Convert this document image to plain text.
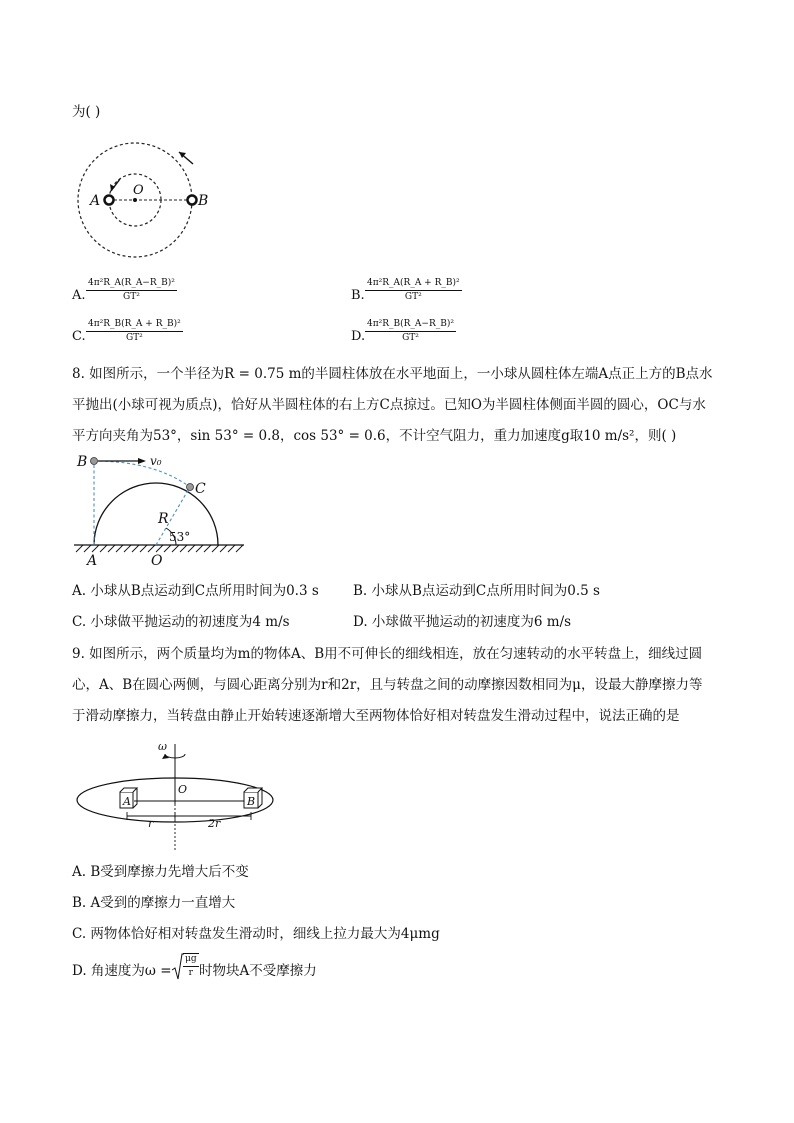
为( )
A
O
B
A. $\frac{\text{4π²R\_A(R\_A−R\_B)²}}{\text{GT²}}$	B. $\frac{\text{4π²R\_A(R\_A + R\_B)²}}{\text{GT²}}$
C. $\frac{\text{4π²R\_B(R\_A + R\_B)²}}{\text{GT²}}$	D. $\frac{\text{4π²R\_B(R\_A−R\_B)²}}{\text{GT²}}$
8. 如图所示，一个半径为R = 0.75 m的半圆柱体放在水平地面上，一小球从圆柱体左端A点正上方的B点水
平抛出(小球可视为质点)，恰好从半圆柱体的右上方C点掠过。已知O为半圆柱体侧面半圆的圆心，OC与水
平方向夹角为53°，sin 53° = 0.8，cos 53° = 0.6，不计空气阻力，重力加速度g取10 m/s²，则( )
B	v₀
C
R
53°
A	O
A. 小球从B点运动到C点所用时间为0.3 s	B. 小球从B点运动到C点所用时间为0.5 s
C. 小球做平抛运动的初速度为4 m/s	D. 小球做平抛运动的初速度为6 m/s
9. 如图所示，两个质量均为m的物体A、B用不可伸长的细线相连，放在匀速转动的水平转盘上，细线过圆
心，A、B在圆心两侧，与圆心距离分别为r和2r，且与转盘之间的动摩擦因数相同为μ，设最大静摩擦力等
于滑动摩擦力，当转盘由静止开始转速逐渐增大至两物体恰好相对转盘发生滑动过程中，说法正确的是
ω
O
A	B
r	2r
A. B受到摩擦力先增大后不变
B. A受到的摩擦力一直增大
C. 两物体恰好相对转盘发生滑动时，细线上拉力最大为4μmg
D. 角速度为$\omega = \frac{\mu g}{r}$ 时物块A不受摩擦力
